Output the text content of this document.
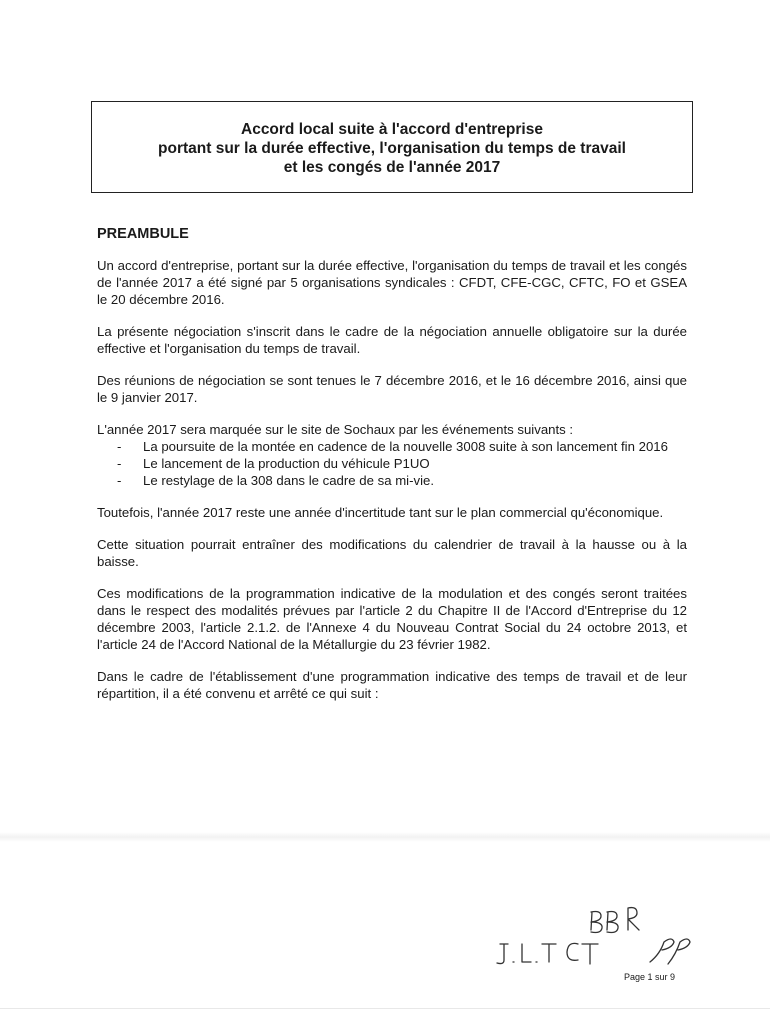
Accord local suite à l'accord d'entreprise
portant sur la durée effective, l'organisation du temps de travail
et les congés de l'année 2017
PREAMBULE

Un accord d'entreprise, portant sur la durée effective, l'organisation du temps de travail et les congés de l'année 2017 a été signé par 5 organisations syndicales : CFDT, CFE-CGC, CFTC, FO et GSEA le 20 décembre 2016.

La présente négociation s'inscrit dans le cadre de la négociation annuelle obligatoire sur la durée effective et l'organisation du temps de travail.

Des réunions de négociation se sont tenues le 7 décembre 2016, et le 16 décembre 2016, ainsi que le 9 janvier 2017.

L'année 2017 sera marquée sur le site de Sochaux par les événements suivants :

- La poursuite de la montée en cadence de la nouvelle 3008 suite à son lancement fin 2016
- Le lancement de la production du véhicule P1UO
- Le restylage de la 308 dans le cadre de sa mi-vie.

Toutefois, l'année 2017 reste une année d'incertitude tant sur le plan commercial qu'économique.

Cette situation pourrait entraîner des modifications du calendrier de travail à la hausse ou à la baisse.

Ces modifications de la programmation indicative de la modulation et des congés seront traitées dans le respect des modalités prévues par l'article 2 du Chapitre II de l'Accord d'Entreprise du 12 décembre 2003, l'article 2.1.2. de l'Annexe 4 du Nouveau Contrat Social du 24 octobre 2013, et l'article 24 de l'Accord National de la Métallurgie du 23 février 1982.

Dans le cadre de l'établissement d'une programmation indicative des temps de travail et de leur répartition, il a été convenu et arrêté ce qui suit :

Page 1 sur 9
